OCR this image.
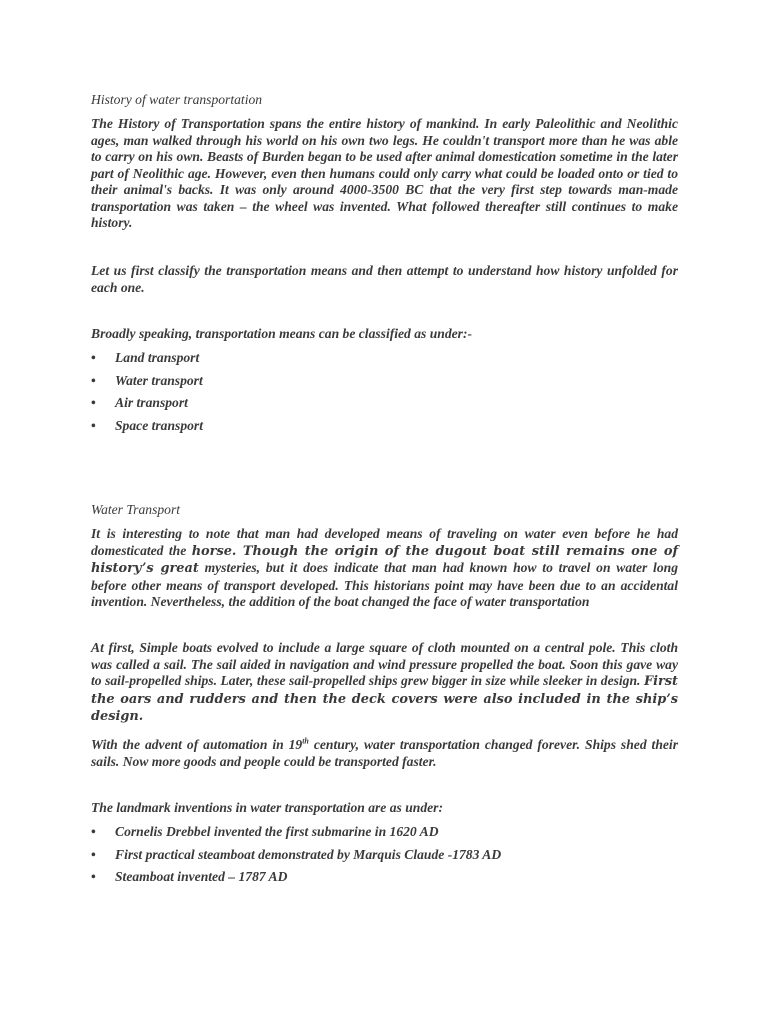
History of water transportation

The History of Transportation spans the entire history of mankind. In early Paleolithic and Neolithic ages, man walked through his world on his own two legs. He couldn't transport more than he was able to carry on his own. Beasts of Burden began to be used after animal domestication sometime in the later part of Neolithic age. However, even then humans could only carry what could be loaded onto or tied to their animal's backs. It was only around 4000-3500 BC that the very first step towards man-made transportation was taken – the wheel was invented. What followed thereafter still continues to make history.

Let us first classify the transportation means and then attempt to understand how history unfolded for each one.

Broadly speaking, transportation means can be classified as under:-

• Land transport
• Water transport
• Air transport
• Space transport

Water Transport

It is interesting to note that man had developed means of traveling on water even before he had domesticated the horse. Though the origin of the dugout boat still remains one of history’s great mysteries, but it does indicate that man had known how to travel on water long before other means of transport developed. This historians point may have been due to an accidental invention. Nevertheless, the addition of the boat changed the face of water transportation

At first, Simple boats evolved to include a large square of cloth mounted on a central pole. This cloth was called a sail. The sail aided in navigation and wind pressure propelled the boat. Soon this gave way to sail-propelled ships. Later, these sail-propelled ships grew bigger in size while sleeker in design. First the oars and rudders and then the deck covers were also included in the ship’s design.

With the advent of automation in 19th century, water transportation changed forever. Ships shed their sails. Now more goods and people could be transported faster.

The landmark inventions in water transportation are as under:

• Cornelis Drebbel invented the first submarine in 1620 AD
• First practical steamboat demonstrated by Marquis Claude -1783 AD
• Steamboat invented – 1787 AD
